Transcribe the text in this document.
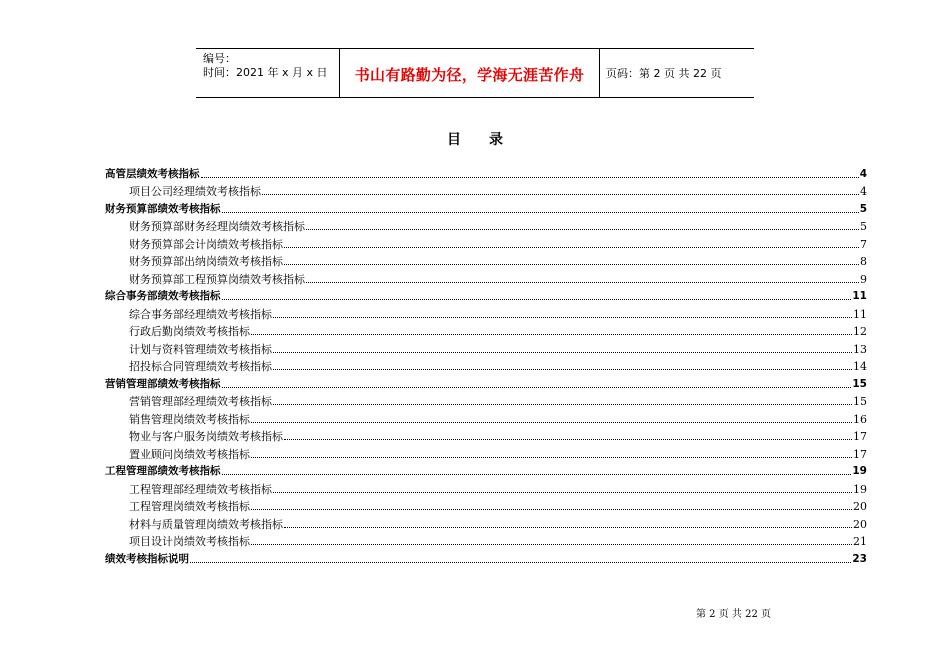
编号：
时间：2021 年 x 月 x 日	书山有路勤为径，学海无涯苦作舟	页码：第 2 页 共 22 页
目　　录
高管层绩效考核指标	4
项目公司经理绩效考核指标	4
财务预算部绩效考核指标	5
财务预算部财务经理岗绩效考核指标	5
财务预算部会计岗绩效考核指标	7
财务预算部出纳岗绩效考核指标	8
财务预算部工程预算岗绩效考核指标	9
综合事务部绩效考核指标	11
综合事务部经理绩效考核指标	11
行政后勤岗绩效考核指标	12
计划与资料管理绩效考核指标	13
招投标合同管理绩效考核指标	14
营销管理部绩效考核指标	15
营销管理部经理绩效考核指标	15
销售管理岗绩效考核指标	16
物业与客户服务岗绩效考核指标	17
置业顾问岗绩效考核指标	17
工程管理部绩效考核指标	19
工程管理部经理绩效考核指标	19
工程管理岗绩效考核指标	20
材料与质量管理岗绩效考核指标	20
项目设计岗绩效考核指标	21
绩效考核指标说明	23
第 2 页 共 22 页
